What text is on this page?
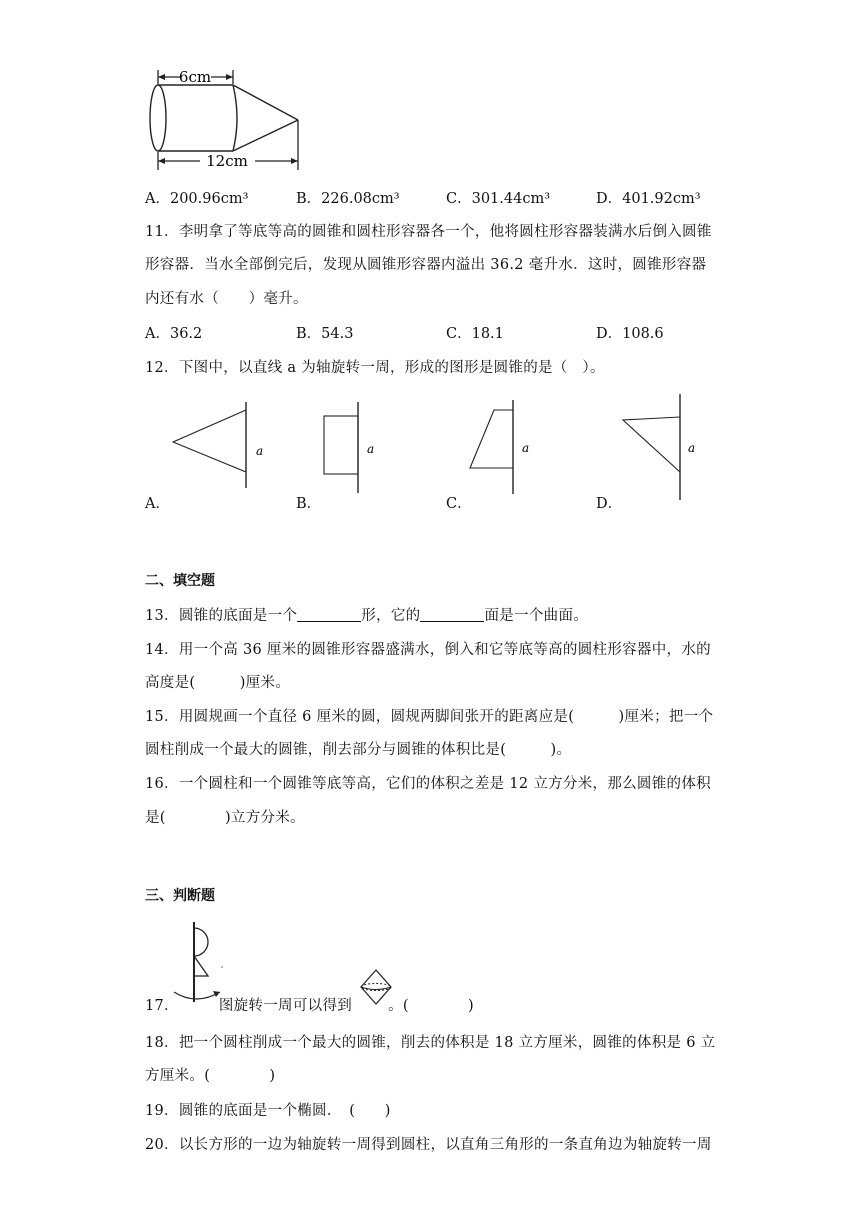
6cm
12cm
A．200.96cm³	B．226.08cm³	C．301.44cm³	D．401.92cm³
11．李明拿了等底等高的圆锥和圆柱形容器各一个，他将圆柱形容器装满水后倒入圆锥
形容器．当水全部倒完后，发现从圆锥形容器内溢出 36.2 毫升水．这时，圆锥形容器
内还有水（　　）毫升。
A．36.2	B．54.3	C．18.1	D．108.6
12．下图中，以直线 a 为轴旋转一周，形成的图形是圆锥的是（　）。
a	a	a	a
A．	B．	C．	D．
二、填空题
13．圆锥的底面是一个	形，它的	面是一个曲面。
14．用一个高 36 厘米的圆锥形容器盛满水，倒入和它等底等高的圆柱形容器中，水的
高度是(　　　)厘米。
15．用圆规画一个直径 6 厘米的圆，圆规两脚间张开的距离应是(　　　)厘米；把一个
圆柱削成一个最大的圆锥，削去部分与圆锥的体积比是(　　　)。
16．一个圆柱和一个圆锥等底等高，它们的体积之差是 12 立方分米，那么圆锥的体积
是(　　　　)立方分米。
三、判断题
17．	图旋转一周可以得到 。(　　　　)
18．把一个圆柱削成一个最大的圆锥，削去的体积是 18 立方厘米，圆锥的体积是 6 立
方厘米。(　　　　)
19．圆锥的底面是一个椭圆．　(　　)
20．以长方形的一边为轴旋转一周得到圆柱，以直角三角形的一条直角边为轴旋转一周
